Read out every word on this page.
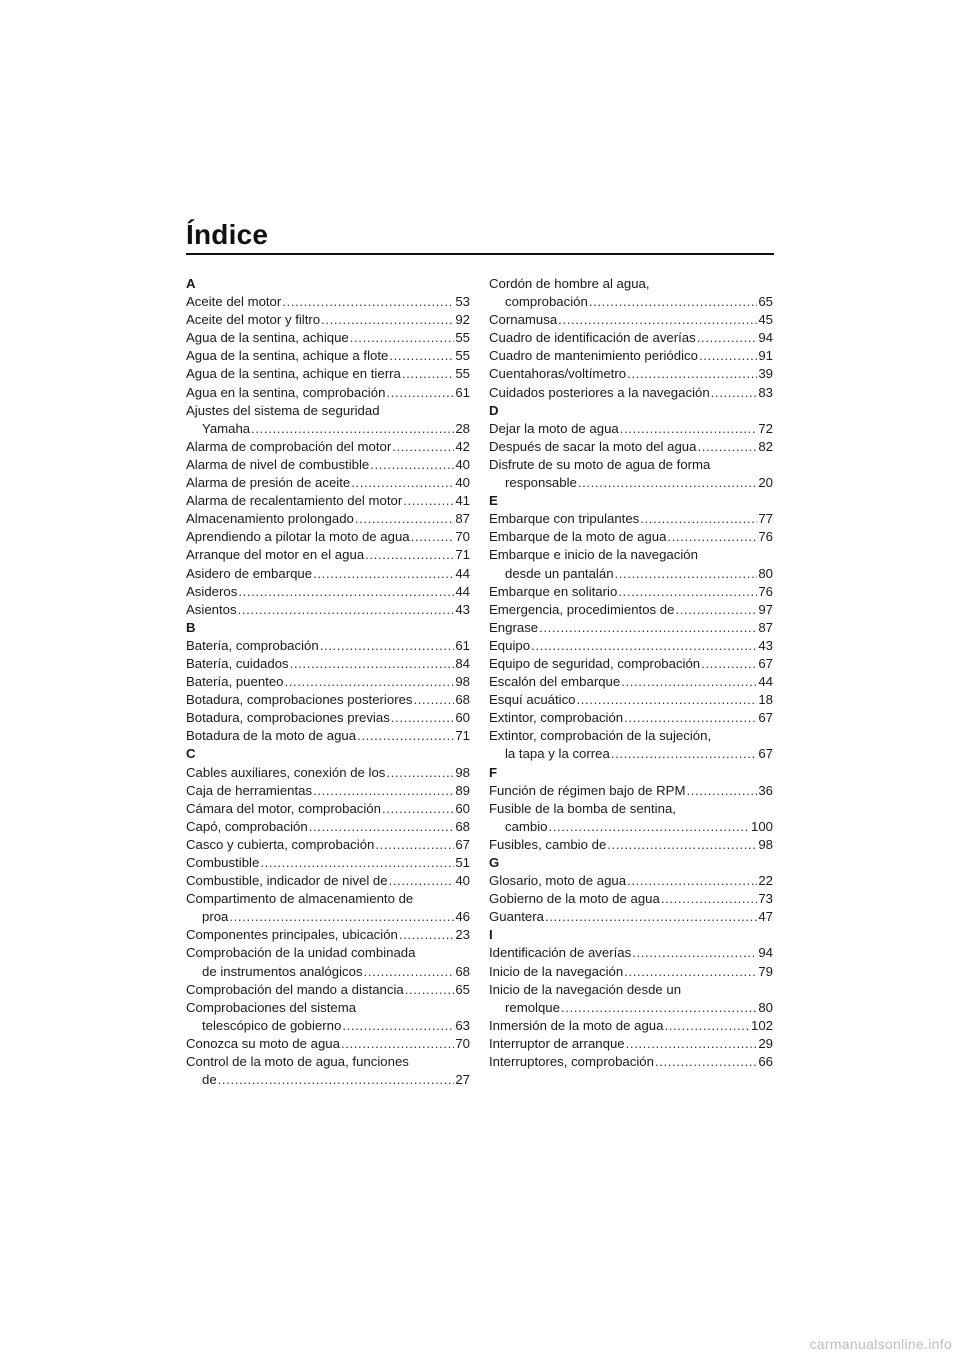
Índice
A
Aceite del motor .....	53
Aceite del motor y filtro .....	92
Agua de la sentina, achique .....	55
Agua de la sentina, achique a flote .....	55
Agua de la sentina, achique en tierra .....	55
Agua en la sentina, comprobación .....	61
Ajustes del sistema de seguridad
Yamaha .....	28
Alarma de comprobación del motor .....	42
Alarma de nivel de combustible .....	40
Alarma de presión de aceite .....	40
Alarma de recalentamiento del motor .....	41
Almacenamiento prolongado .....	87
Aprendiendo a pilotar la moto de agua .....	70
Arranque del motor en el agua .....	71
Asidero de embarque .....	44
Asideros .....	44
Asientos .....	43
B
Batería, comprobación .....	61
Batería, cuidados .....	84
Batería, puenteo .....	98
Botadura, comprobaciones posteriores .....	68
Botadura, comprobaciones previas .....	60
Botadura de la moto de agua .....	71
C
Cables auxiliares, conexión de los .....	98
Caja de herramientas .....	89
Cámara del motor, comprobación .....	60
Capó, comprobación .....	68
Casco y cubierta, comprobación .....	67
Combustible .....	51
Combustible, indicador de nivel de .....	40
Compartimento de almacenamiento de
proa .....	46
Componentes principales, ubicación .....	23
Comprobación de la unidad combinada
de instrumentos analógicos .....	68
Comprobación del mando a distancia .....	65
Comprobaciones del sistema
telescópico de gobierno .....	63
Conozca su moto de agua .....	70
Control de la moto de agua, funciones
de .....	27
Cordón de hombre al agua,
comprobación .....	65
Cornamusa .....	45
Cuadro de identificación de averías .....	94
Cuadro de mantenimiento periódico .....	91
Cuentahoras/voltímetro .....	39
Cuidados posteriores a la navegación .....	83
D
Dejar la moto de agua .....	72
Después de sacar la moto del agua .....	82
Disfrute de su moto de agua de forma
responsable .....	20
E
Embarque con tripulantes .....	77
Embarque de la moto de agua .....	76
Embarque e inicio de la navegación
desde un pantalán .....	80
Embarque en solitario .....	76
Emergencia, procedimientos de .....	97
Engrase .....	87
Equipo .....	43
Equipo de seguridad, comprobación .....	67
Escalón del embarque .....	44
Esquí acuático .....	18
Extintor, comprobación .....	67
Extintor, comprobación de la sujeción,
la tapa y la correa .....	67
F
Función de régimen bajo de RPM .....	36
Fusible de la bomba de sentina,
cambio .....	100
Fusibles, cambio de .....	98
G
Glosario, moto de agua .....	22
Gobierno de la moto de agua .....	73
Guantera .....	47
I
Identificación de averías .....	94
Inicio de la navegación .....	79
Inicio de la navegación desde un
remolque .....	80
Inmersión de la moto de agua .....	102
Interruptor de arranque .....	29
Interruptores, comprobación .....	66
carmanualsonline.info
